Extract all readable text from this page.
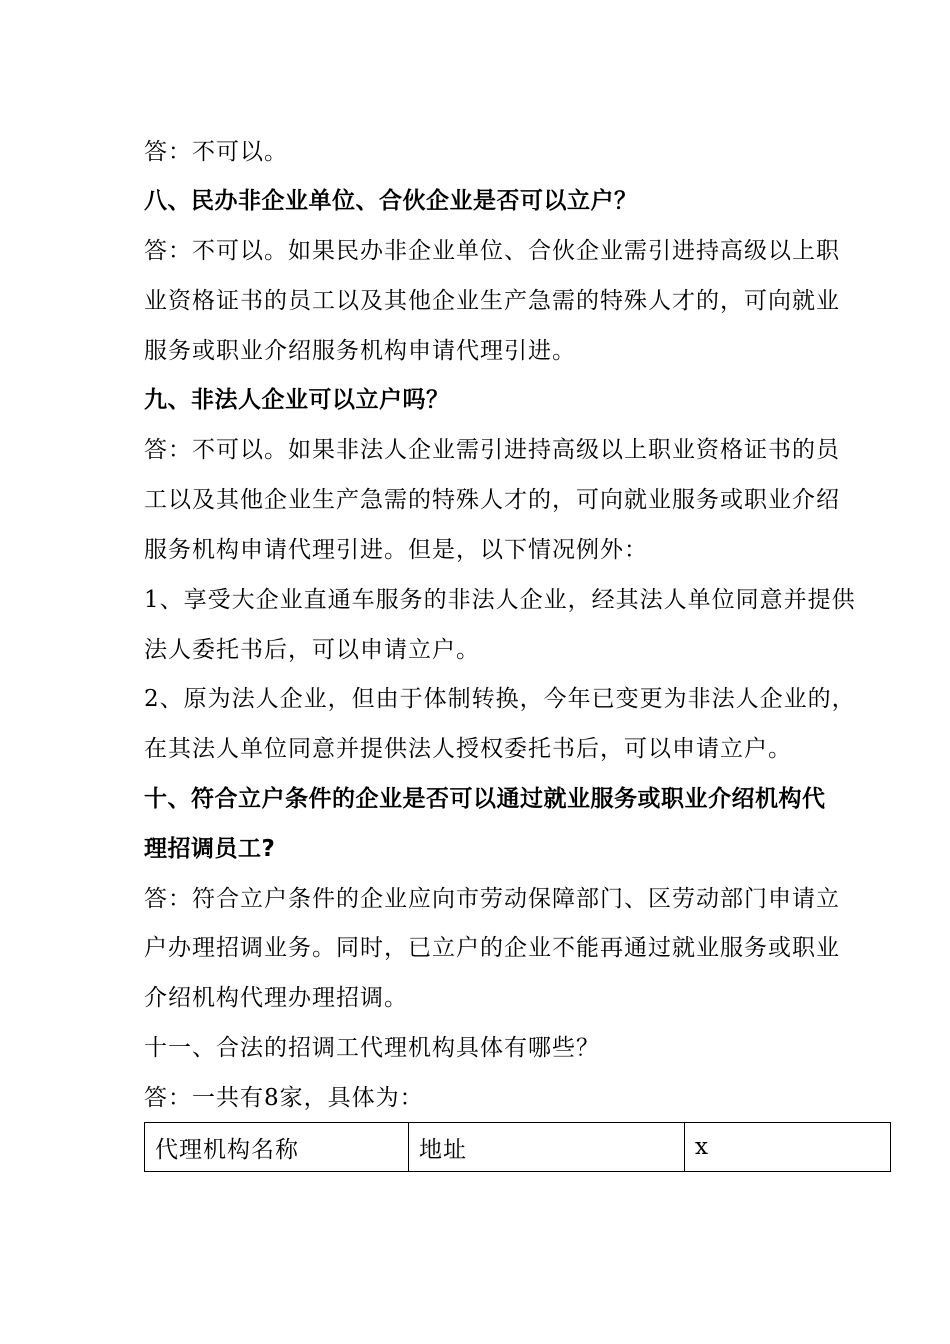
答：不可以。
八、民办非企业单位、合伙企业是否可以立户？
答：不可以。如果民办非企业单位、合伙企业需引进持高级以上职
业资格证书的员工以及其他企业生产急需的特殊人才的，可向就业
服务或职业介绍服务机构申请代理引进。
九、非法人企业可以立户吗？
答：不可以。如果非法人企业需引进持高级以上职业资格证书的员
工以及其他企业生产急需的特殊人才的，可向就业服务或职业介绍
服务机构申请代理引进。但是，以下情况例外：
1、享受大企业直通车服务的非法人企业，经其法人单位同意并提供
法人委托书后，可以申请立户。
2、原为法人企业，但由于体制转换，今年已变更为非法人企业的，
在其法人单位同意并提供法人授权委托书后，可以申请立户。
十、符合立户条件的企业是否可以通过就业服务或职业介绍机构代
理招调员工?
答：符合立户条件的企业应向市劳动保障部门、区劳动部门申请立
户办理招调业务。同时，已立户的企业不能再通过就业服务或职业
介绍机构代理办理招调。
十一、合法的招调工代理机构具体有哪些？
答：一共有8家，具体为：
代理机构名称	地址	x
